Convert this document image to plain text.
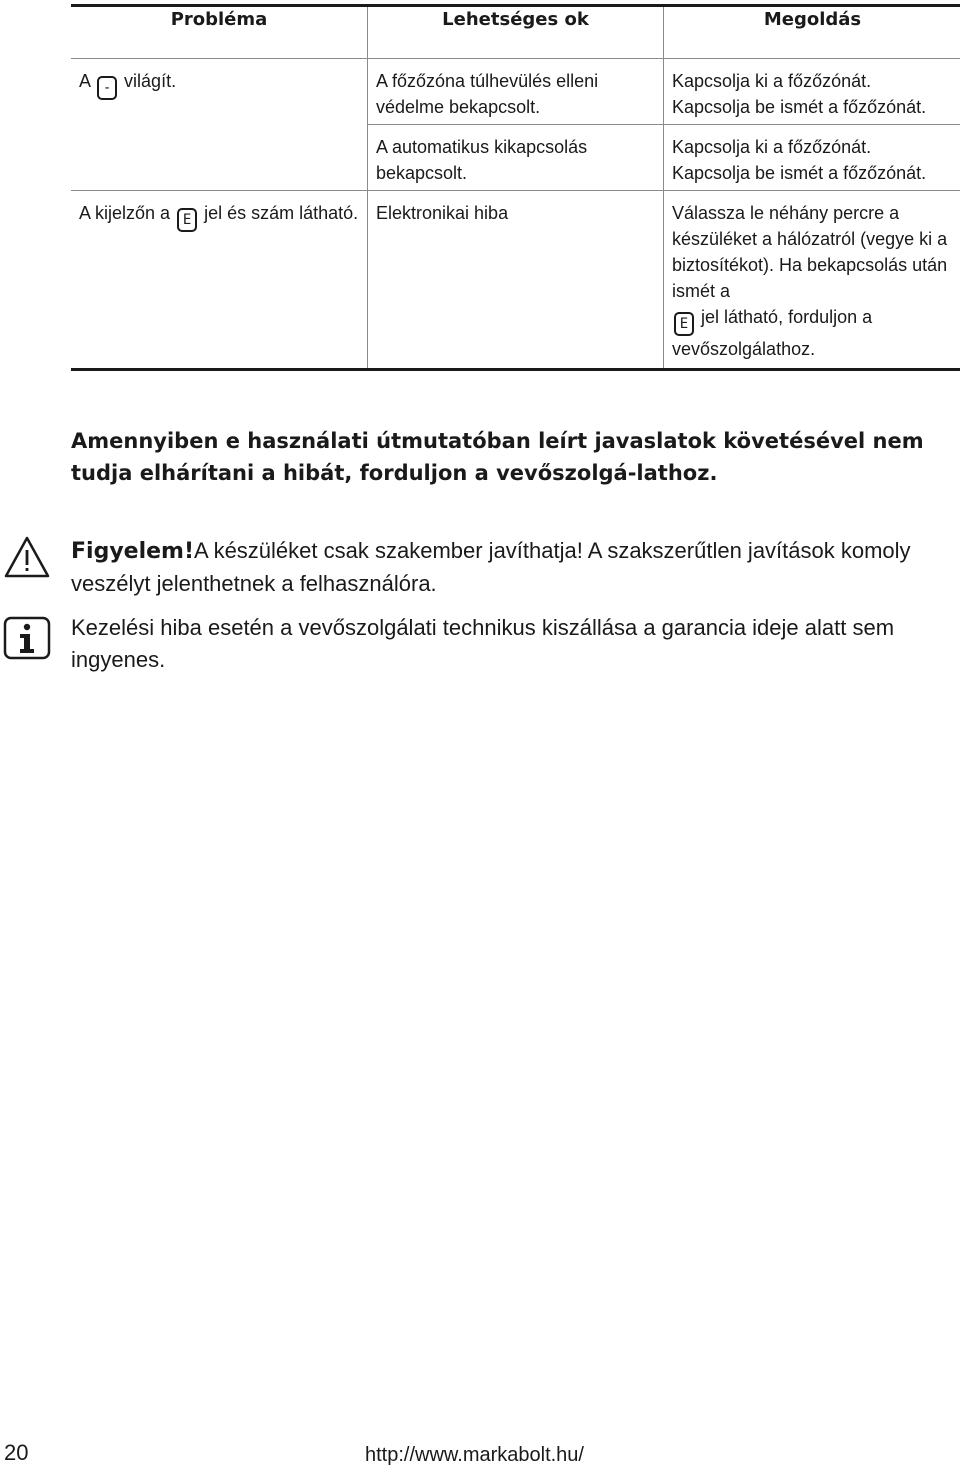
Probléma	Lehetséges ok	Megoldás
A - világít.	A főzőzóna túlhevülés elleni védelme bekapcsolt.	Kapcsolja ki a főzőzónát. Kapcsolja be ismét a főzőzónát.
	A automatikus kikapcsolás bekapcsolt.	Kapcsolja ki a főzőzónát. Kapcsolja be ismét a főzőzónát.
A kijelzőn a E jel és szám látható.	Elektronikai hiba	Válassza le néhány percre a készüléket a hálózatról (vegye ki a biztosítékot). Ha bekapcsolás után ismét a
E jel látható, forduljon a vevőszolgálathoz.
Amennyiben e használati útmutatóban leírt javaslatok követésével nem tudja elhárítani a hibát, forduljon a vevőszolgá-lathoz.
Figyelem!A készüléket csak szakember javíthatja! A szakszerűtlen javítások komoly veszélyt jelenthetnek a felhasználóra.
Kezelési hiba esetén a vevőszolgálati technikus kiszállása a garancia ideje alatt sem ingyenes.
20	http://www.markabolt.hu/
